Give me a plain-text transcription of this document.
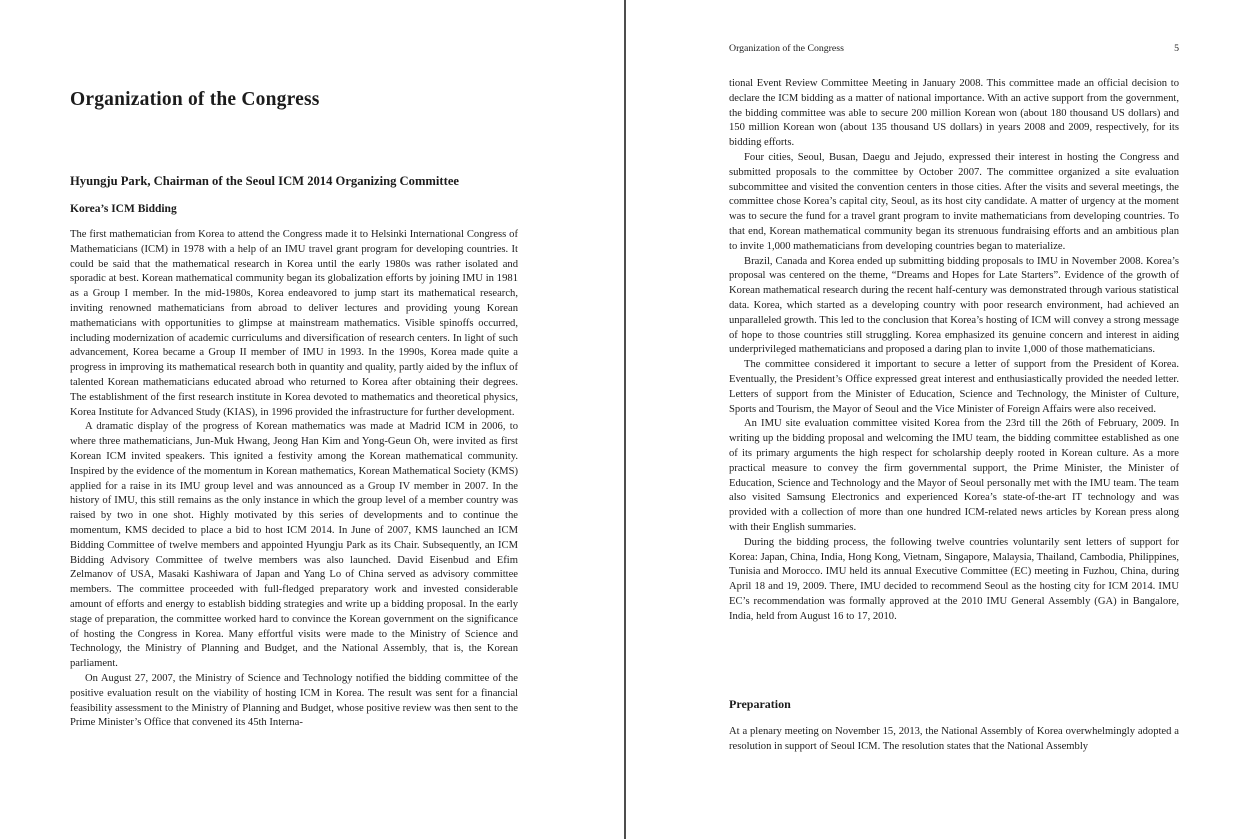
Organization of the Congress
Hyungju Park, Chairman of the Seoul ICM 2014 Organizing Committee
Korea’s ICM Bidding

The first mathematician from Korea to attend the Congress made it to Helsinki International Congress of Mathematicians (ICM) in 1978 with a help of an IMU travel grant program for developing countries. It could be said that the mathematical research in Korea until the early 1980s was rather isolated and sporadic at best. Korean mathematical community began its globalization efforts by joining IMU in 1981 as a Group I member. In the mid-1980s, Korea endeavored to jump start its mathematical research, inviting renowned mathematicians from abroad to deliver lectures and providing young Korean mathematicians with opportunities to glimpse at mainstream mathematics. Visible spinoffs occurred, including modernization of academic curriculums and diversification of research centers. In light of such advancement, Korea became a Group II member of IMU in 1993. In the 1990s, Korea made quite a progress in improving its mathematical research both in quantity and quality, partly aided by the influx of talented Korean mathematicians educated abroad who returned to Korea after obtaining their degrees. The establishment of the first research institute in Korea devoted to mathematics and theoretical physics, Korea Institute for Advanced Study (KIAS), in 1996 provided the infrastructure for further development.

A dramatic display of the progress of Korean mathematics was made at Madrid ICM in 2006, to where three mathematicians, Jun-Muk Hwang, Jeong Han Kim and Yong-Geun Oh, were invited as first Korean ICM invited speakers. This ignited a festivity among the Korean mathematical community. Inspired by the evidence of the momentum in Korean mathematics, Korean Mathematical Society (KMS) applied for a raise in its IMU group level and was announced as a Group IV member in 2007. In the history of IMU, this still remains as the only instance in which the group level of a member country was raised by two in one shot. Highly motivated by this series of developments and to continue the momentum, KMS decided to place a bid to host ICM 2014. In June of 2007, KMS launched an ICM Bidding Committee of twelve members and appointed Hyungju Park as its Chair. Subsequently, an ICM Bidding Advisory Committee of twelve members was also launched. David Eisenbud and Efim Zelmanov of USA, Masaki Kashiwara of Japan and Yang Lo of China served as advisory committee members. The committee proceeded with full-fledged preparatory work and invested considerable amount of efforts and energy to establish bidding strategies and write up a bidding proposal. In the early stage of preparation, the committee worked hard to convince the Korean government on the significance of hosting the Congress in Korea. Many effortful visits were made to the Ministry of Science and Technology, the Ministry of Planning and Budget, and the National Assembly, that is, the Korean parliament.

On August 27, 2007, the Ministry of Science and Technology notified the bidding committee of the positive evaluation result on the viability of hosting ICM in Korea. The result was sent for a financial feasibility assessment to the Ministry of Planning and Budget, whose positive review was then sent to the Prime Minister’s Office that convened its 45th Interna-

Organization of the Congress	5

tional Event Review Committee Meeting in January 2008. This committee made an official decision to declare the ICM bidding as a matter of national importance. With an active support from the government, the bidding committee was able to secure 200 million Korean won (about 180 thousand US dollars) and 150 million Korean won (about 135 thousand US dollars) in years 2008 and 2009, respectively, for its bidding efforts.

Four cities, Seoul, Busan, Daegu and Jejudo, expressed their interest in hosting the Congress and submitted proposals to the committee by October 2007. The committee organized a site evaluation subcommittee and visited the convention centers in those cities. After the visits and several meetings, the committee chose Korea’s capital city, Seoul, as its host city candidate. A matter of urgency at the moment was to secure the fund for a travel grant program to invite mathematicians from developing countries. To that end, Korean mathematical community began its strenuous fundraising efforts and an ambitious plan to invite 1,000 mathematicians from developing countries began to materialize.

Brazil, Canada and Korea ended up submitting bidding proposals to IMU in November 2008. Korea’s proposal was centered on the theme, “Dreams and Hopes for Late Starters”. Evidence of the growth of Korean mathematical research during the recent half-century was demonstrated through various statistical data. Korea, which started as a developing country with poor research environment, had achieved an unparalleled growth. This led to the conclusion that Korea’s hosting of ICM will convey a strong message of hope to those countries still struggling. Korea emphasized its genuine concern and interest in aiding underprivileged mathematicians and proposed a daring plan to invite 1,000 of those mathematicians.

The committee considered it important to secure a letter of support from the President of Korea. Eventually, the President’s Office expressed great interest and enthusiastically provided the needed letter. Letters of support from the Minister of Education, Science and Technology, the Minister of Culture, Sports and Tourism, the Mayor of Seoul and the Vice Minister of Foreign Affairs were also received.

An IMU site evaluation committee visited Korea from the 23rd till the 26th of February, 2009. In writing up the bidding proposal and welcoming the IMU team, the bidding committee established as one of its primary arguments the high respect for scholarship deeply rooted in Korean culture. As a more practical measure to convey the firm governmental support, the Prime Minister, the Minister of Education, Science and Technology and the Mayor of Seoul personally met with the IMU team. The team also visited Samsung Electronics and experienced Korea’s state-of-the-art IT technology and was provided with a collection of more than one hundred ICM-related news articles by Korean press along with their English summaries.

During the bidding process, the following twelve countries voluntarily sent letters of support for Korea: Japan, China, India, Hong Kong, Vietnam, Singapore, Malaysia, Thailand, Cambodia, Philippines, Tunisia and Morocco. IMU held its annual Executive Committee (EC) meeting in Fuzhou, China, during April 18 and 19, 2009. There, IMU decided to recommend Seoul as the hosting city for ICM 2014. IMU EC’s recommendation was formally approved at the 2010 IMU General Assembly (GA) in Bangalore, India, held from August 16 to 17, 2010.

Preparation

At a plenary meeting on November 15, 2013, the National Assembly of Korea overwhelmingly adopted a resolution in support of Seoul ICM. The resolution states that the National Assembly
